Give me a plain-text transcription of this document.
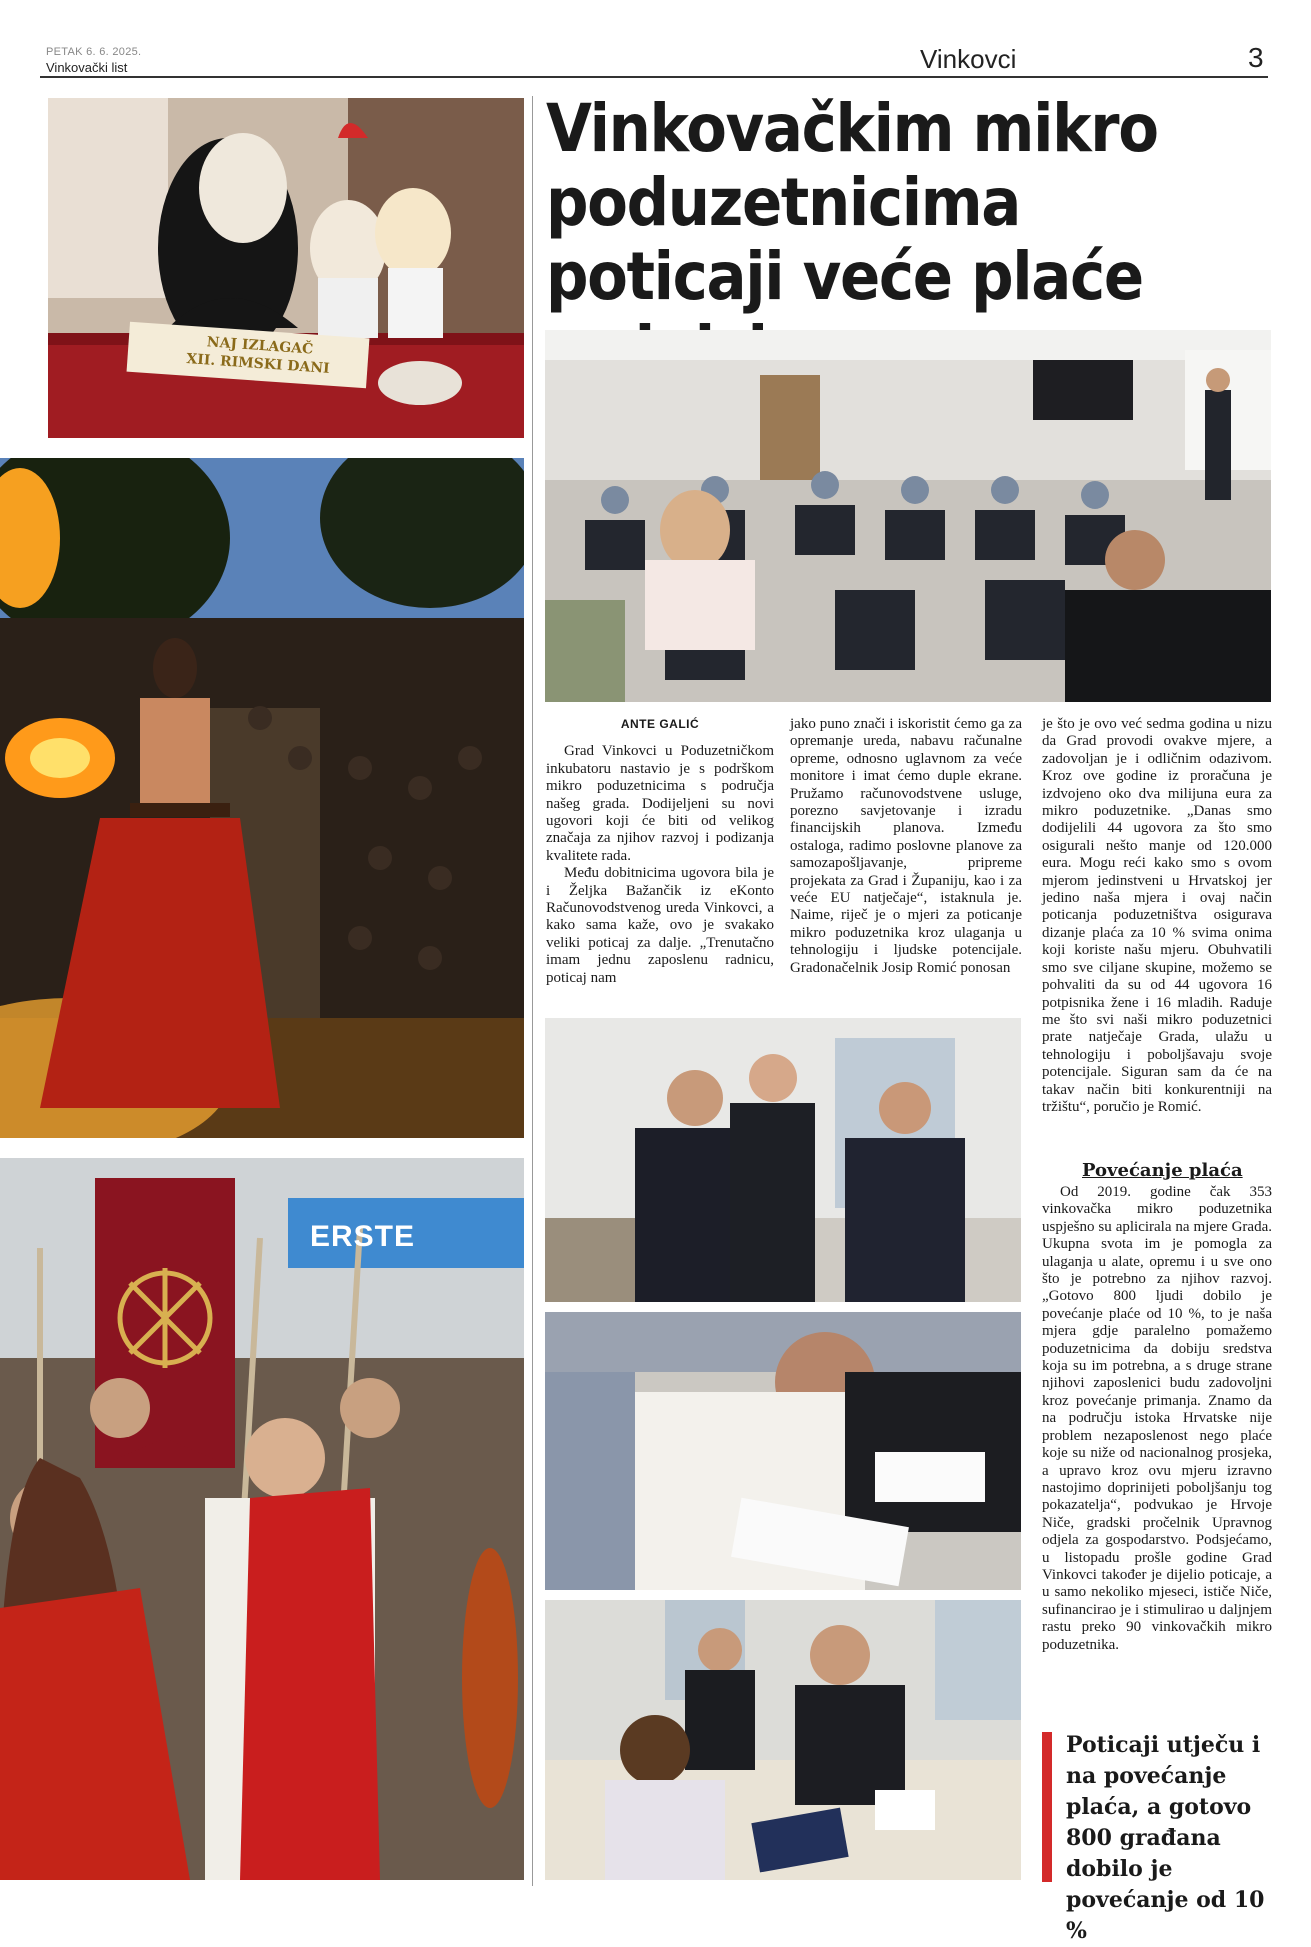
PETAK 6. 6. 2025.
Vinkovački list	Vinkovci	3
NAJ IZLAGAČ
XII. RIMSKI DANI
ERSTE
Vinkovačkim mikro poduzetnicima poticaji veće plaće
ANTE GALIĆ

Grad Vinkovci u Poduzetničkom inkubatoru nastavio je s podrškom mikro poduzetnicima s područja našeg grada. Dodijeljeni su novi ugovori koji će biti od velikog značaja za njihov razvoj i podizanja kvalitete rada.

Među dobitnicima ugovora bila je i Željka Bažančik iz eKonto Računovodstvenog ureda Vinkovci, a kako sama kaže, ovo je svakako veliki poticaj za dalje. „Trenutačno imam jednu zaposlenu radnicu, poticaj nam

jako puno znači i iskoristit ćemo ga za opremanje ureda, nabavu računalne opreme, odnosno uglavnom za veće monitore i imat ćemo duple ekrane. Pružamo računovodstvene usluge, porezno savjetovanje i izradu financijskih planova. Između ostaloga, radimo poslovne planove za samozapošljavanje, pripreme projekata za Grad i Županiju, kao i za veće EU natječaje“, istaknula je. Naime, riječ je o mjeri za poticanje mikro poduzetnika kroz ulaganja u tehnologiju i ljudske potencijale. Gradonačelnik Josip Romić ponosan

je što je ovo već sedma godina u nizu da Grad provodi ovakve mjere, a zadovoljan je i odličnim odazivom. Kroz ove godine iz proračuna je izdvojeno oko dva milijuna eura za mikro poduzetnike. „Danas smo dodijelili 44 ugovora za što smo osigurali nešto manje od 120.000 eura. Mogu reći kako smo s ovom mjerom jedinstveni u Hrvatskoj jer jedino naša mjera i ovaj način poticanja poduzetništva osigurava dizanje plaća za 10 % svima onima koji koriste našu mjeru. Obuhvatili smo sve ciljane skupine, možemo se pohvaliti da su od 44 ugovora 16 potpisnika žene i 16 mladih. Raduje me što svi naši mikro poduzetnici prate natječaje Grada, ulažu u tehnologiju i poboljšavaju svoje potencijale. Siguran sam da će na takav način biti konkurentniji na tržištu“, poručio je Romić.

Povećanje plaća

Od 2019. godine čak 353 vinkovačka mikro poduzetnika uspješno su aplicirala na mjere Grada. Ukupna svota im je pomogla za ulaganja u alate, opremu i u sve ono što je potrebno za njihov razvoj. „Gotovo 800 ljudi dobilo je povećanje plaće od 10 %, to je naša mjera gdje paralelno pomažemo poduzetnicima da dobiju sredstva koja su im potrebna, a s druge strane njihovi zaposlenici budu zadovoljni kroz povećanje primanja. Znamo da na području istoka Hrvatske nije problem nezaposlenost nego plaće koje su niže od nacionalnog prosjeka, a upravo kroz ovu mjeru izravno nastojimo doprinijeti poboljšanju tog pokazatelja“, podvukao je Hrvoje Niče, gradski pročelnik Upravnog odjela za gospodarstvo. Podsjećamo, u listopadu prošle godine Grad Vinkovci također je dijelio poticaje, a u samo nekoliko mjeseci, ističe Niče, sufinancirao je i stimulirao u daljnjem rastu preko 90 vinkovačkih mikro poduzetnika.

Poticaji utječu i na povećanje plaća, a gotovo 800 građana dobilo je povećanje od 10 %
